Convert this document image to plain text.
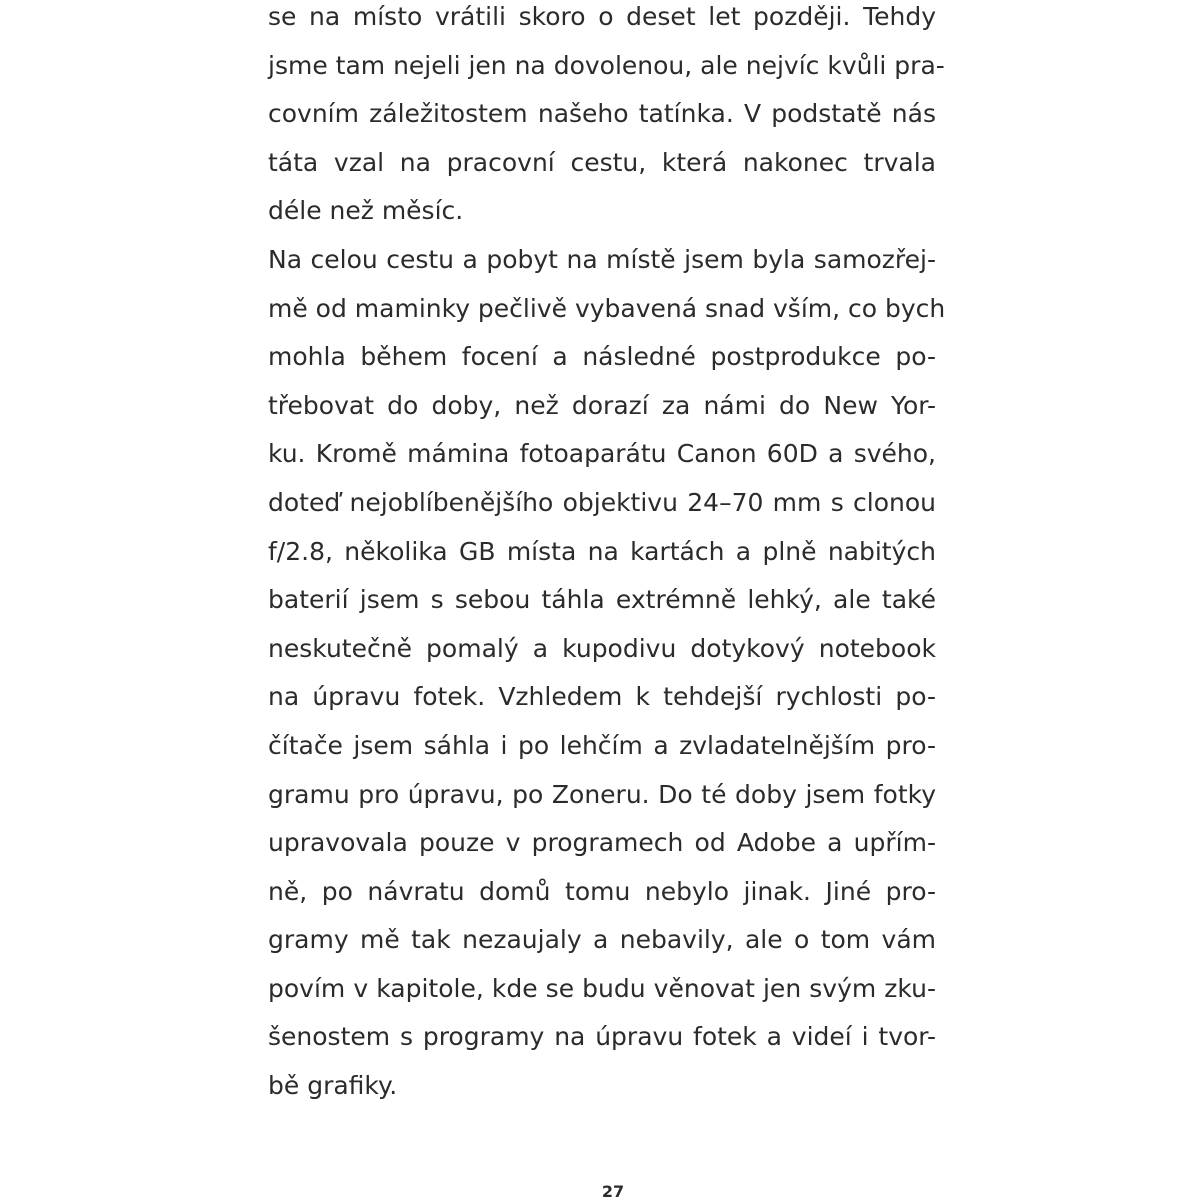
se na místo vrátili skoro o deset let později. Tehdy
jsme tam nejeli jen na dovolenou, ale nejvíc kvůli pra-
covním záležitostem našeho tatínka. V podstatě nás
táta vzal na pracovní cestu, která nakonec trvala
déle než měsíc.
Na celou cestu a pobyt na místě jsem byla samozřej-
mě od maminky pečlivě vybavená snad vším, co bych
mohla během focení a následné postprodukce po-
třebovat do doby, než dorazí za námi do New Yor-
ku. Kromě mámina fotoaparátu Canon 60D a svého,
doteď nejoblíbenějšího objektivu 24–70 mm s clonou
f/2.8, několika GB místa na kartách a plně nabitých
baterií jsem s sebou táhla extrémně lehký, ale také
neskutečně pomalý a kupodivu dotykový notebook
na úpravu fotek. Vzhledem k tehdejší rychlosti po-
čítače jsem sáhla i po lehčím a zvladatelnějším pro-
gramu pro úpravu, po Zoneru. Do té doby jsem fotky
upravovala pouze v programech od Adobe a upřím-
ně, po návratu domů tomu nebylo jinak. Jiné pro-
gramy mě tak nezaujaly a nebavily, ale o tom vám
povím v kapitole, kde se budu věnovat jen svým zku-
šenostem s programy na úpravu fotek a videí i tvor-
bě grafiky.
27
